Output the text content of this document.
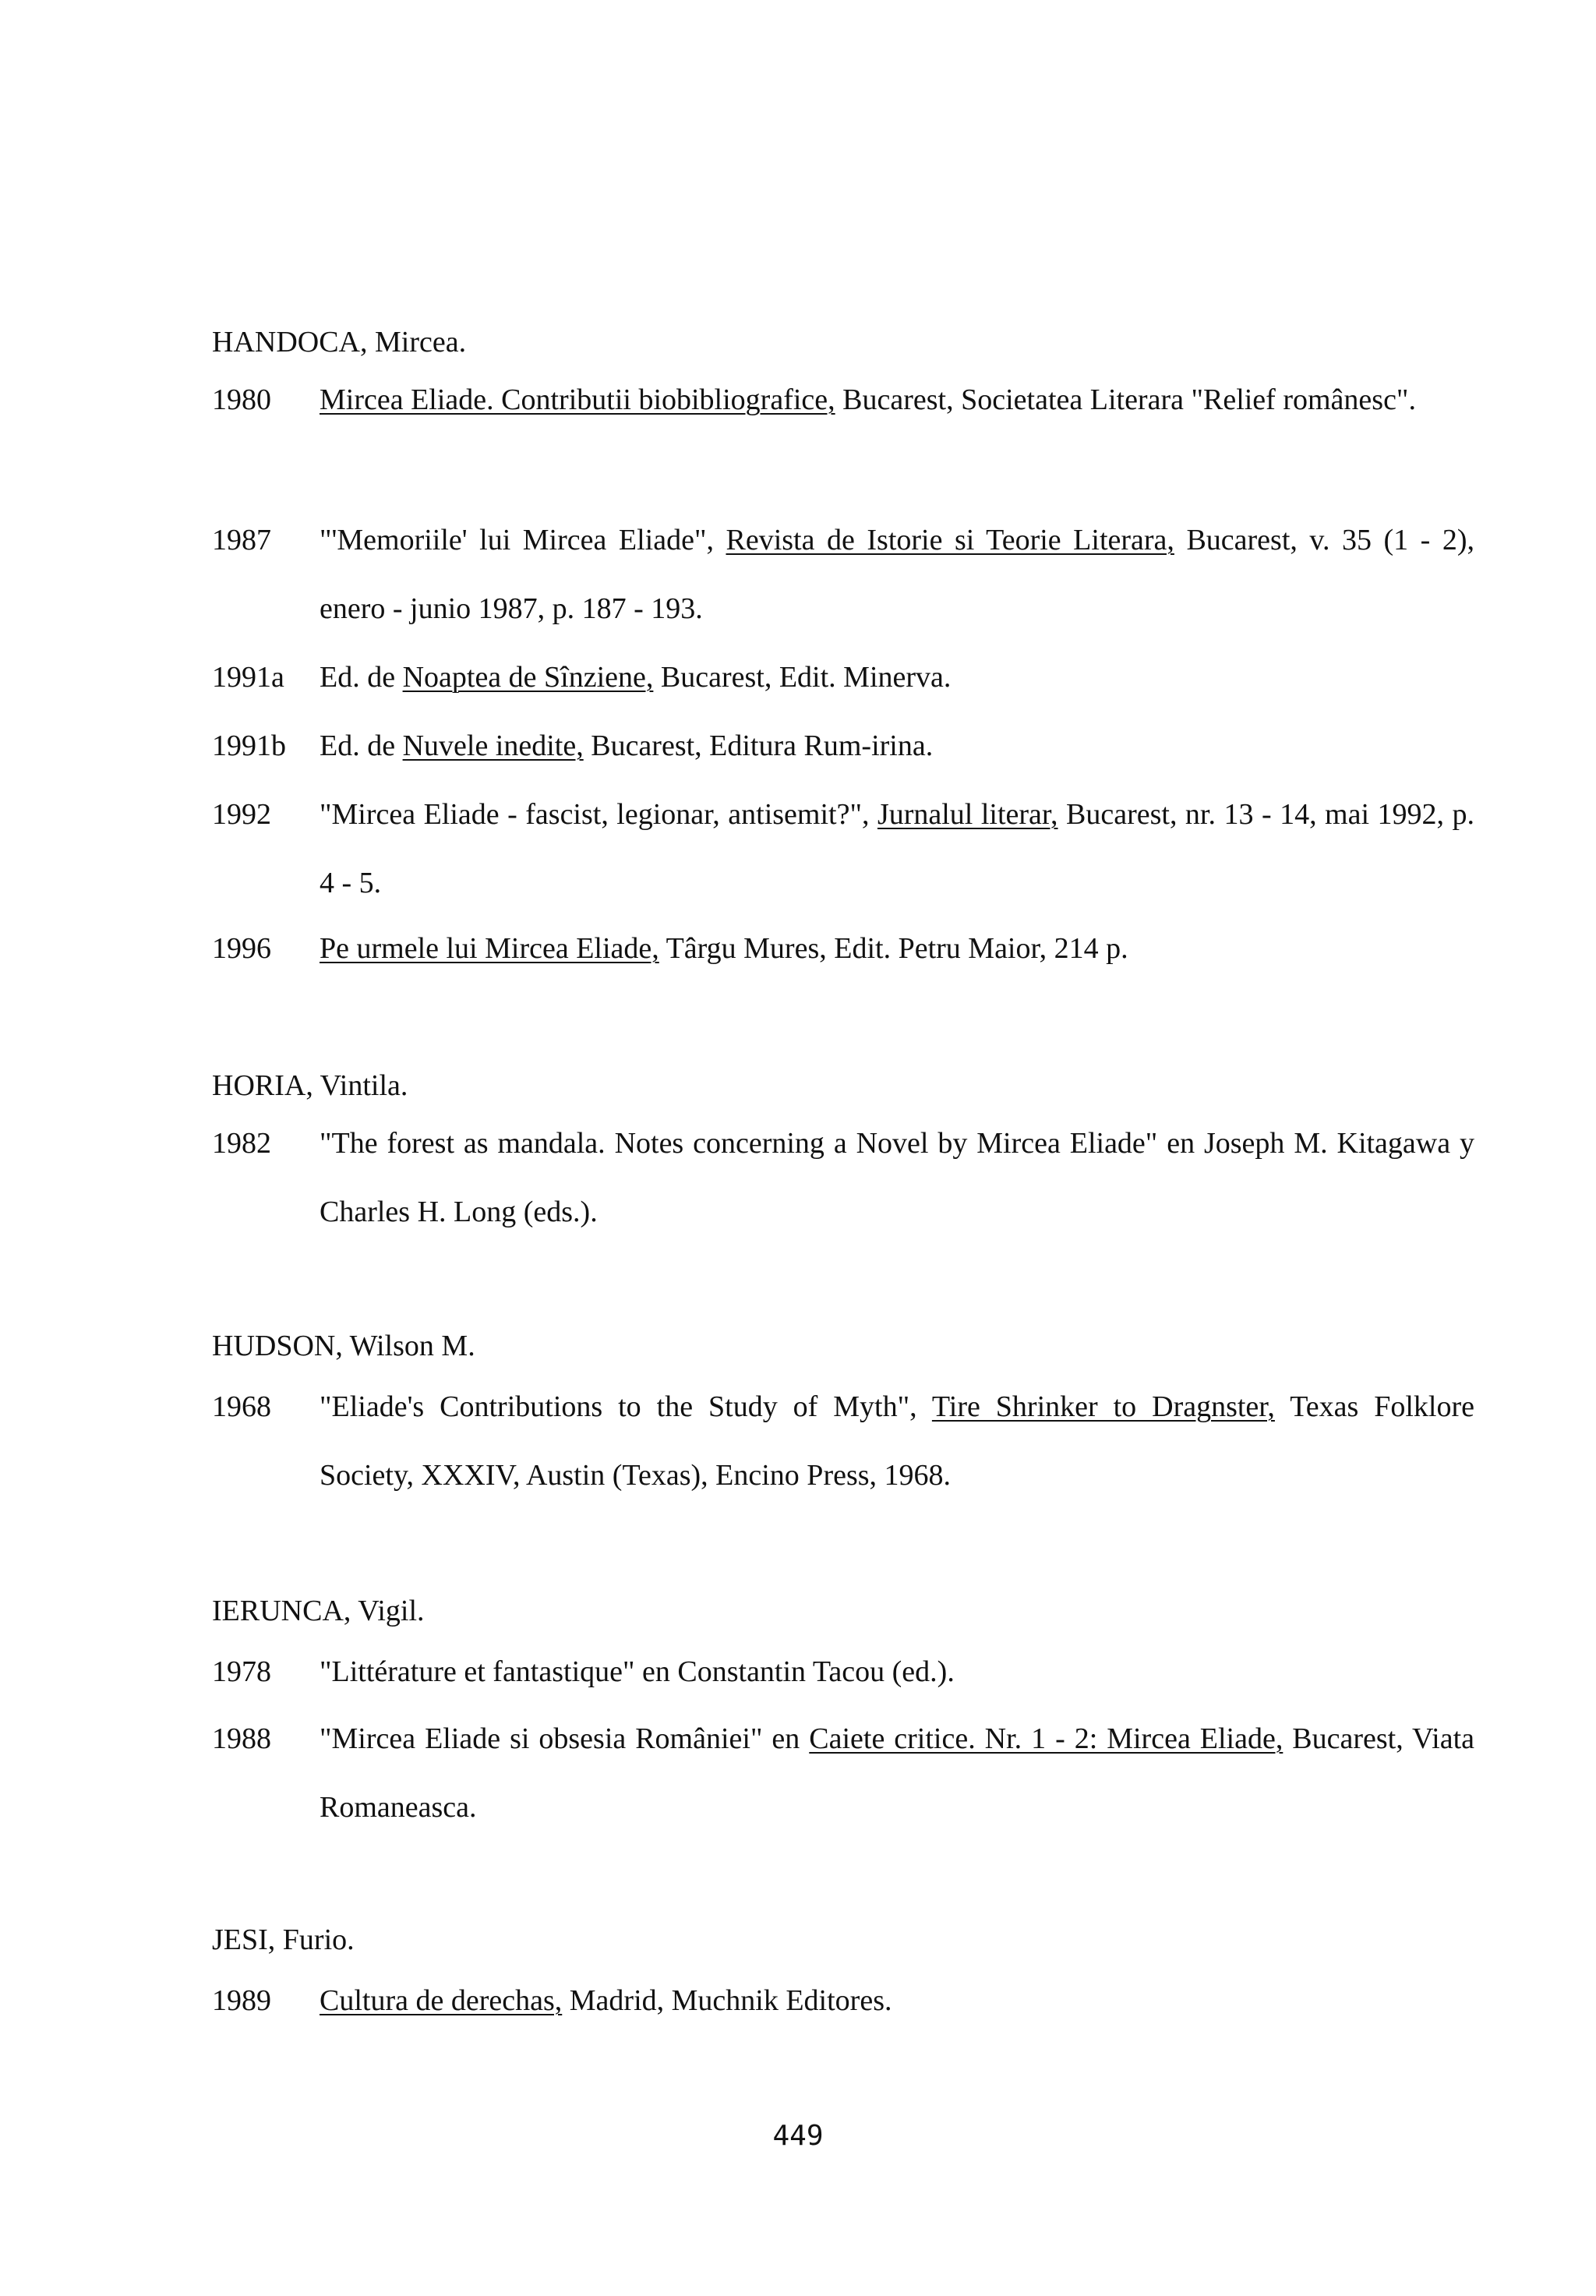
HANDOCA, Mircea.
1980	Mircea Eliade. Contributii biobibliografice, Bucarest, Societatea Literara "Relief românesc".
1987	"'Memoriile' lui Mircea Eliade", Revista de Istorie si Teorie Literara, Bucarest, v. 35 (1 - 2), enero - junio 1987, p. 187 - 193.
1991a	Ed. de Noaptea de Sînziene, Bucarest, Edit. Minerva.
1991b	Ed. de Nuvele inedite, Bucarest, Editura Rum-irina.
1992	"Mircea Eliade - fascist, legionar, antisemit?", Jurnalul literar, Bucarest, nr. 13 - 14, mai 1992, p. 4 - 5.
1996	Pe urmele lui Mircea Eliade, Târgu Mures, Edit. Petru Maior, 214 p.
HORIA, Vintila.
1982	"The forest as mandala. Notes concerning a Novel by Mircea Eliade" en Joseph M. Kitagawa y Charles H. Long (eds.).
HUDSON, Wilson M.
1968	"Eliade's Contributions to the Study of Myth", Tire Shrinker to Dragnster, Texas Folklore Society, XXXIV, Austin (Texas), Encino Press, 1968.
IERUNCA, Vigil.
1978	"Littérature et fantastique" en Constantin Tacou (ed.).
1988	"Mircea Eliade si obsesia României" en Caiete critice. Nr. 1 - 2: Mircea Eliade, Bucarest, Viata Romaneasca.
JESI, Furio.
1989	Cultura de derechas, Madrid, Muchnik Editores.
449
